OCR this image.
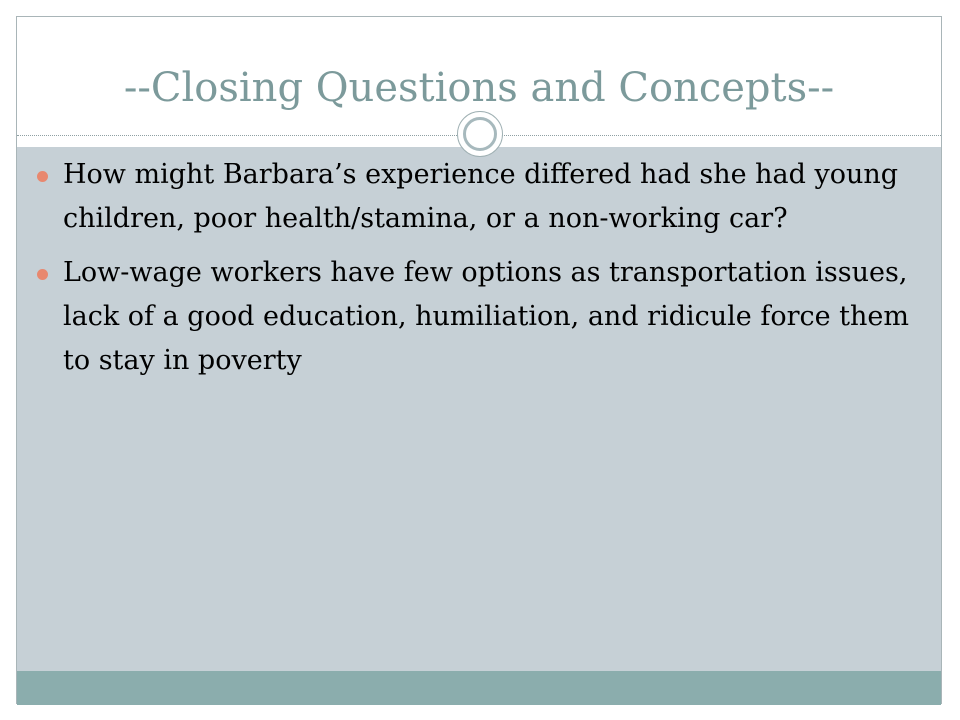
--Closing Questions and Concepts--
How might Barbara’s experience differed had she had young children, poor health/stamina, or a non-working car?
Low-wage workers have few options as transportation issues, lack of a good education, humiliation, and ridicule force them to stay in poverty
